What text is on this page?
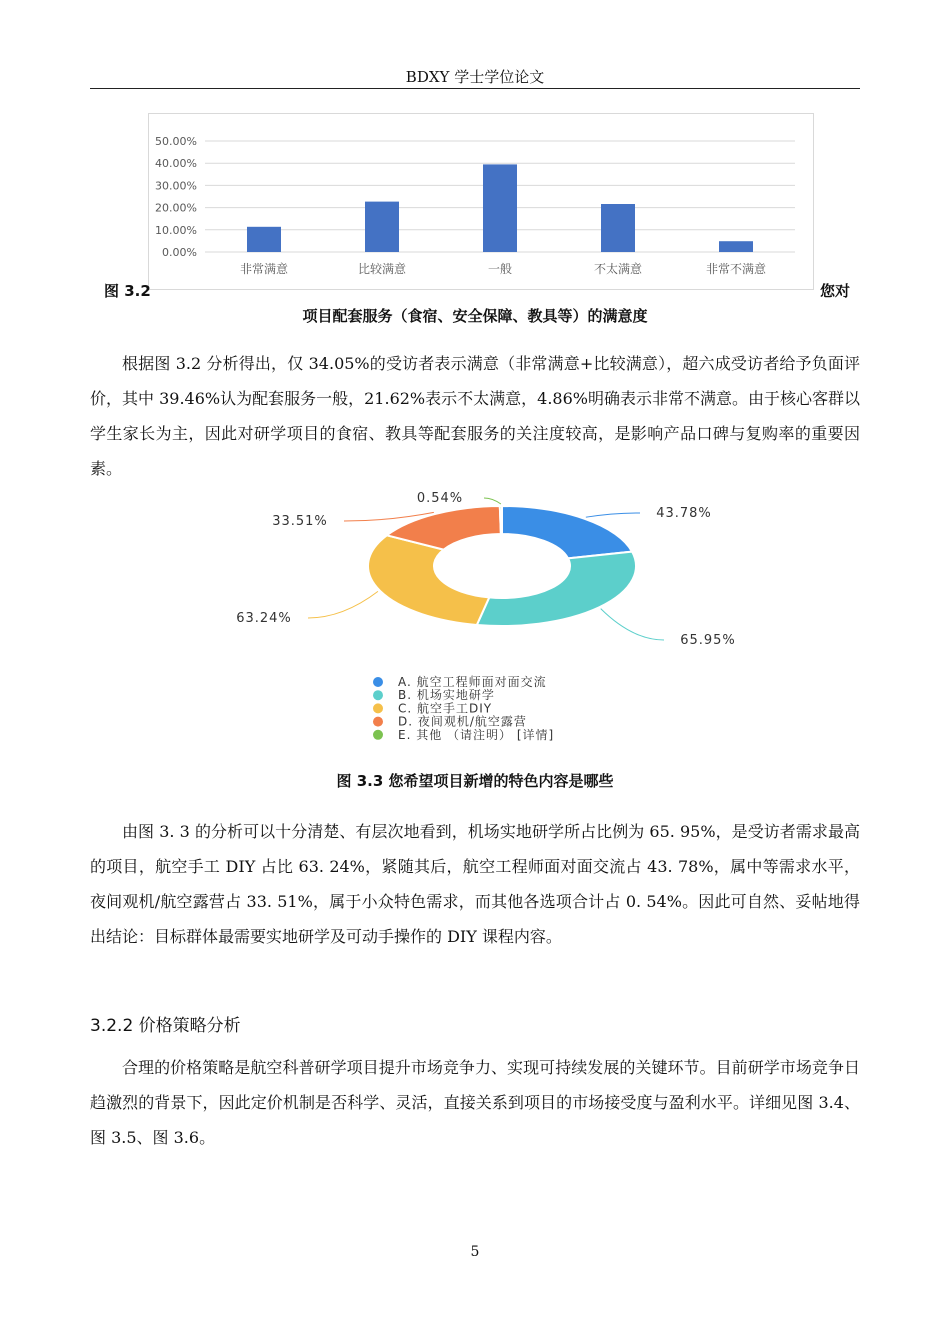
BDXY 学士学位论文
0.00%
10.00%
20.00%
30.00%
40.00%
50.00%
非常满意	比较满意	一般	不太满意	非常不满意
图 3.2	您对
项目配套服务（食宿、安全保障、教具等）的满意度
根据图 3.2 分析得出，仅 34.05%的受访者表示满意（非常满意+比较满意），超六成受访者给予负面评价，其中 39.46%认为配套服务一般，21.62%表示不太满意，4.86%明确表示非常不满意。由于核心客群以学生家长为主，因此对研学项目的食宿、教具等配套服务的关注度较高，是影响产品口碑与复购率的重要因素。
43.78%
65.95%
63.24%
33.51%
0.54%
A. 航空工程师面对面交流
B. 机场实地研学
C. 航空手工DIY
D. 夜间观机/航空露营
E. 其他 （请注明） [详情]
图 3.3 您希望项目新增的特色内容是哪些
由图 3. 3 的分析可以十分清楚、有层次地看到，机场实地研学所占比例为 65. 95%，是受访者需求最高的项目，航空手工 DIY 占比 63. 24%，紧随其后，航空工程师面对面交流占 43. 78%，属中等需求水平，夜间观机/航空露营占 33. 51%，属于小众特色需求，而其他各选项合计占 0. 54%。因此可自然、妥帖地得出结论：目标群体最需要实地研学及可动手操作的 DIY 课程内容。
3.2.2 价格策略分析
合理的价格策略是航空科普研学项目提升市场竞争力、实现可持续发展的关键环节。目前研学市场竞争日趋激烈的背景下，因此定价机制是否科学、灵活，直接关系到项目的市场接受度与盈利水平。详细见图 3.4、图 3.5、图 3.6。
5
